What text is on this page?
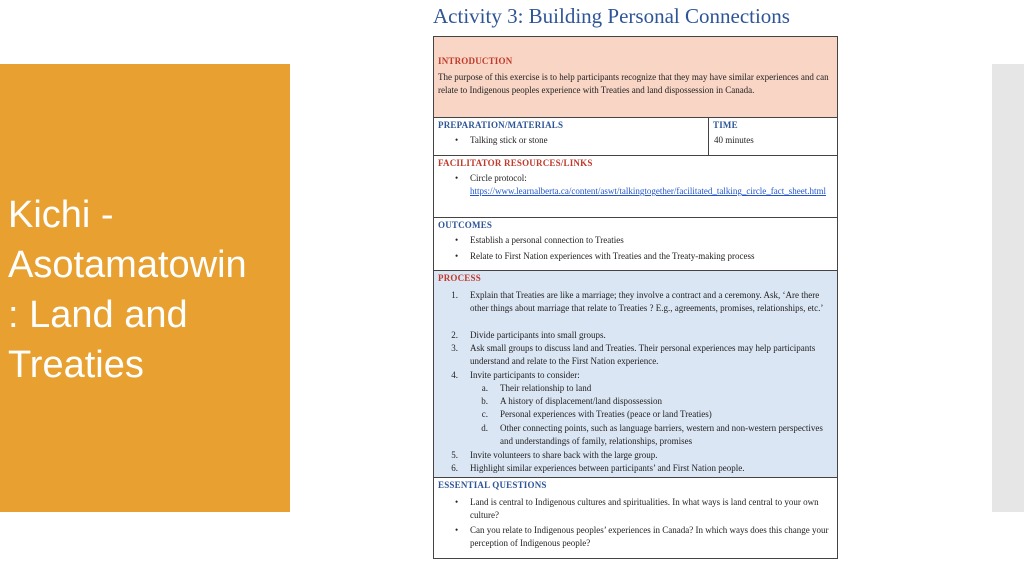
Kichi -
Asotamatowin
: Land and
Treaties
Activity 3: Building Personal Connections
INTRODUCTION

The purpose of this exercise is to help participants recognize that they may have similar experiences and can relate to Indigenous peoples experience with Treaties and land dispossession in Canada.

PREPARATION/MATERIALS
• Talking stick or stone
TIME
40 minutes
FACILITATOR RESOURCES/LINKS
• Circle protocol:
https://www.learnalberta.ca/content/aswt/talkingtogether/facilitated_talking_circle_fact_sheet.html
OUTCOMES
• Establish a personal connection to Treaties
• Relate to First Nation experiences with Treaties and the Treaty-making process
PROCESS
1. Explain that Treaties are like a marriage; they involve a contract and a ceremony. Ask, ‘Are there other things about marriage that relate to Treaties ? E.g., agreements, promises, relationships, etc.’
2. Divide participants into small groups.
3. Ask small groups to discuss land and Treaties. Their personal experiences may help participants understand and relate to the First Nation experience.
4. Invite participants to consider:
a. Their relationship to land
b. A history of displacement/land dispossession
c. Personal experiences with Treaties (peace or land Treaties)
d. Other connecting points, such as language barriers, western and non-western perspectives and understandings of family, relationships, promises
5. Invite volunteers to share back with the large group.
6. Highlight similar experiences between participants’ and First Nation people.
ESSENTIAL QUESTIONS
• Land is central to Indigenous cultures and spiritualities. In what ways is land central to your own culture?
• Can you relate to Indigenous peoples’ experiences in Canada? In which ways does this change your perception of Indigenous people?
